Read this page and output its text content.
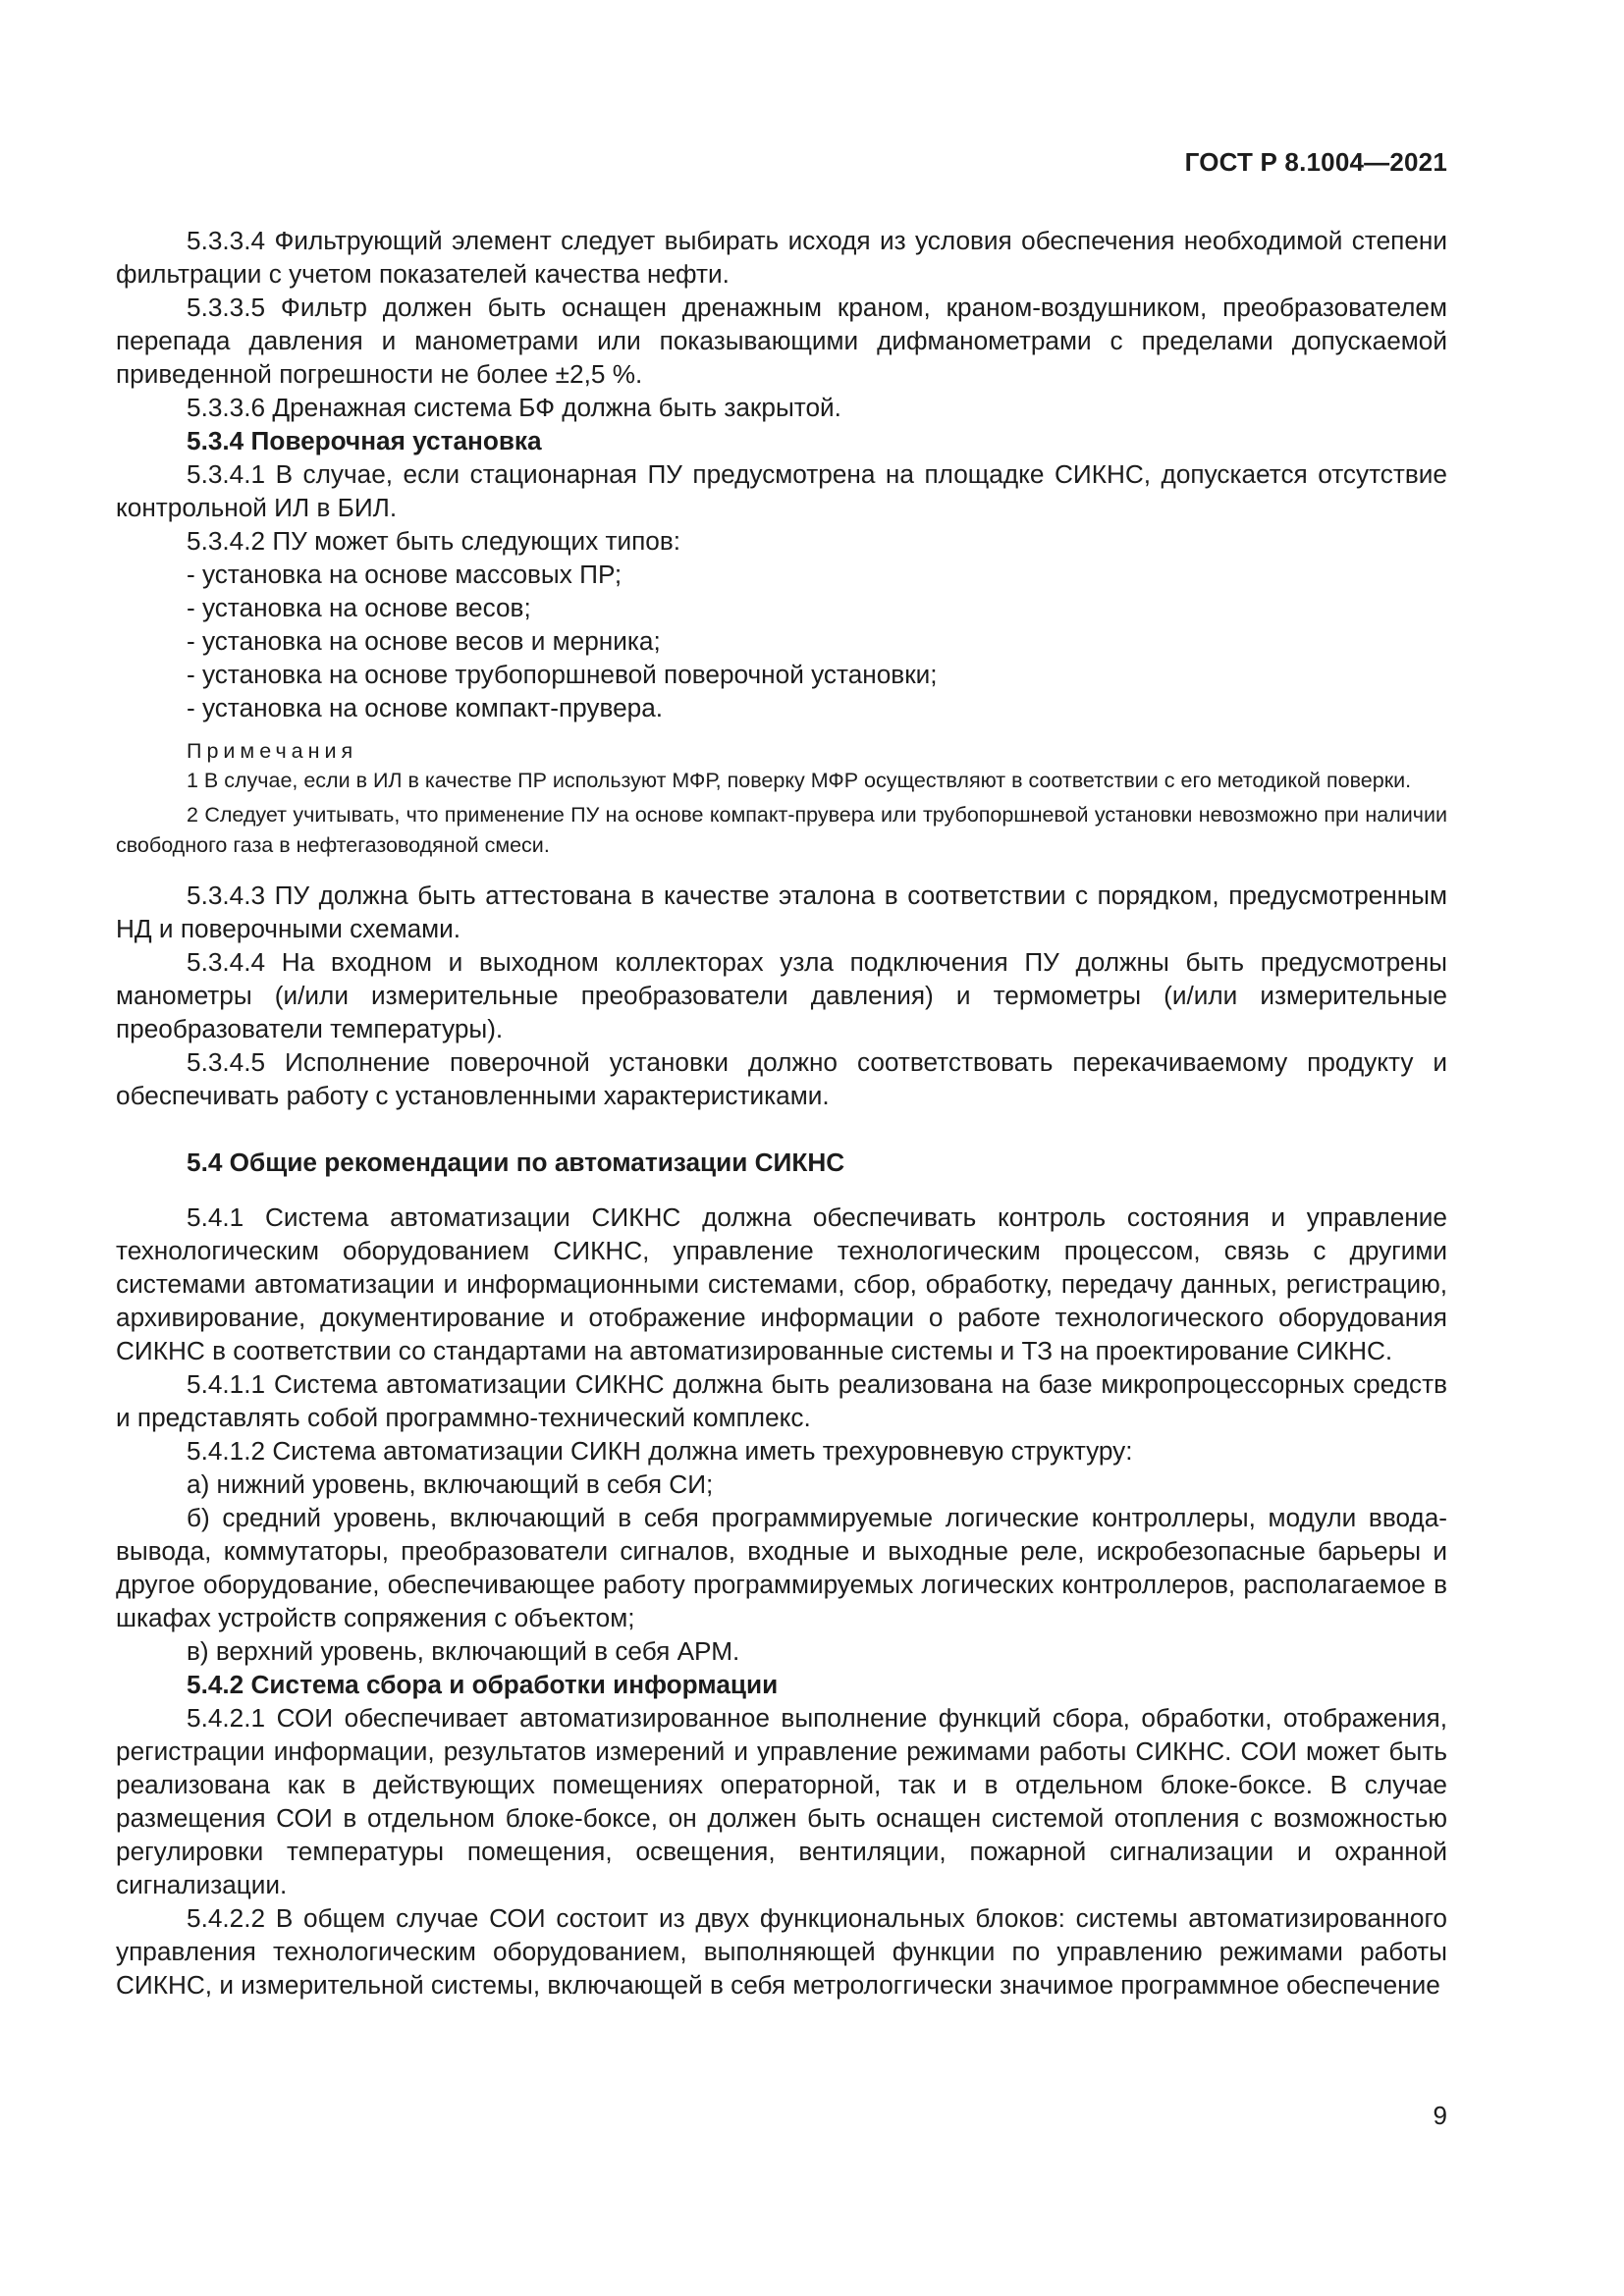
ГОСТ Р 8.1004—2021

5.3.3.4 Фильтрующий элемент следует выбирать исходя из условия обеспечения необходимой степени фильтрации с учетом показателей качества нефти.

5.3.3.5 Фильтр должен быть оснащен дренажным краном, краном-воздушником, преобразователем перепада давления и манометрами или показывающими дифманометрами с пределами допускаемой приведенной погрешности не более ±2,5 %.

5.3.3.6 Дренажная система БФ должна быть закрытой.

5.3.4 Поверочная установка

5.3.4.1 В случае, если стационарная ПУ предусмотрена на площадке СИКНС, допускается отсутствие контрольной ИЛ в БИЛ.

5.3.4.2 ПУ может быть следующих типов:

- установка на основе массовых ПР;

- установка на основе весов;

- установка на основе весов и мерника;

- установка на основе трубопоршневой поверочной установки;

- установка на основе компакт-прувера.

Примечания

1 В случае, если в ИЛ в качестве ПР используют МФР, поверку МФР осуществляют в соответствии с его методикой поверки.

2 Следует учитывать, что применение ПУ на основе компакт-прувера или трубопоршневой установки невозможно при наличии свободного газа в нефтегазоводяной смеси.

5.3.4.3 ПУ должна быть аттестована в качестве эталона в соответствии с порядком, предусмотренным НД и поверочными схемами.

5.3.4.4 На входном и выходном коллекторах узла подключения ПУ должны быть предусмотрены манометры (и/или измерительные преобразователи давления) и термометры (и/или измерительные преобразователи температуры).

5.3.4.5 Исполнение поверочной установки должно соответствовать перекачиваемому продукту и обеспечивать работу с установленными характеристиками.

5.4 Общие рекомендации по автоматизации СИКНС

5.4.1 Система автоматизации СИКНС должна обеспечивать контроль состояния и управление технологическим оборудованием СИКНС, управление технологическим процессом, связь с другими системами автоматизации и информационными системами, сбор, обработку, передачу данных, регистрацию, архивирование, документирование и отображение информации о работе технологического оборудования СИКНС в соответствии со стандартами на автоматизированные системы и ТЗ на проектирование СИКНС.

5.4.1.1 Система автоматизации СИКНС должна быть реализована на базе микропроцессорных средств и представлять собой программно-технический комплекс.

5.4.1.2 Система автоматизации СИКН должна иметь трехуровневую структуру:

а) нижний уровень, включающий в себя СИ;

б) средний уровень, включающий в себя программируемые логические контроллеры, модули ввода-вывода, коммутаторы, преобразователи сигналов, входные и выходные реле, искробезопасные барьеры и другое оборудование, обеспечивающее работу программируемых логических контроллеров, располагаемое в шкафах устройств сопряжения с объектом;

в) верхний уровень, включающий в себя АРМ.

5.4.2 Система сбора и обработки информации

5.4.2.1 СОИ обеспечивает автоматизированное выполнение функций сбора, обработки, отображения, регистрации информации, результатов измерений и управление режимами работы СИКНС. СОИ может быть реализована как в действующих помещениях операторной, так и в отдельном блоке-боксе. В случае размещения СОИ в отдельном блоке-боксе, он должен быть оснащен системой отопления с возможностью регулировки температуры помещения, освещения, вентиляции, пожарной сигнализации и охранной сигнализации.

5.4.2.2 В общем случае СОИ состоит из двух функциональных блоков: системы автоматизированного управления технологическим оборудованием, выполняющей функции по управлению режимами работы СИКНС, и измерительной системы, включающей в себя метрологгически значимое программное обеспечение

9
